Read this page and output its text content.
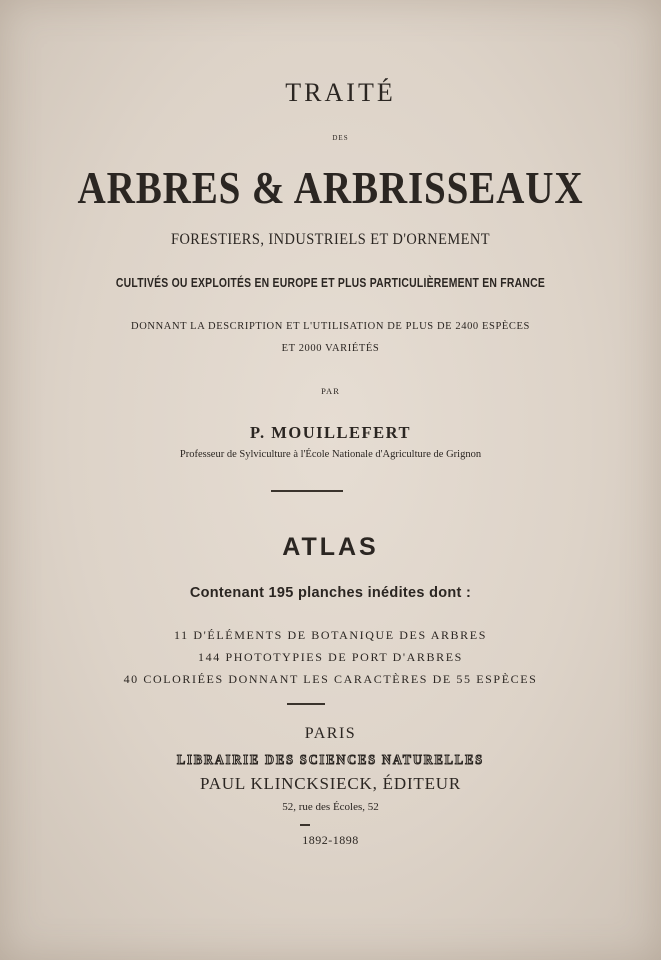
TRAITÉ
DES
ARBRES & ARBRISSEAUX
FORESTIERS, INDUSTRIELS ET D'ORNEMENT
CULTIVÉS OU EXPLOITÉS EN EUROPE ET PLUS PARTICULIÈREMENT EN FRANCE
DONNANT LA DESCRIPTION ET L'UTILISATION DE PLUS DE 2400 ESPÈCES
ET 2000 VARIÉTÉS
PAR
P. MOUILLEFERT
Professeur de Sylviculture à l'École Nationale d'Agriculture de Grignon
ATLAS
Contenant 195 planches inédites dont :
11 D'ÉLÉMENTS DE BOTANIQUE DES ARBRES
144 PHOTOTYPIES DE PORT D'ARBRES
40 COLORIÉES DONNANT LES CARACTÈRES DE 55 ESPÈCES
PARIS
LIBRAIRIE DES SCIENCES NATURELLES
PAUL KLINCKSIECK, ÉDITEUR
52, rue des Écoles, 52
1892-1898
